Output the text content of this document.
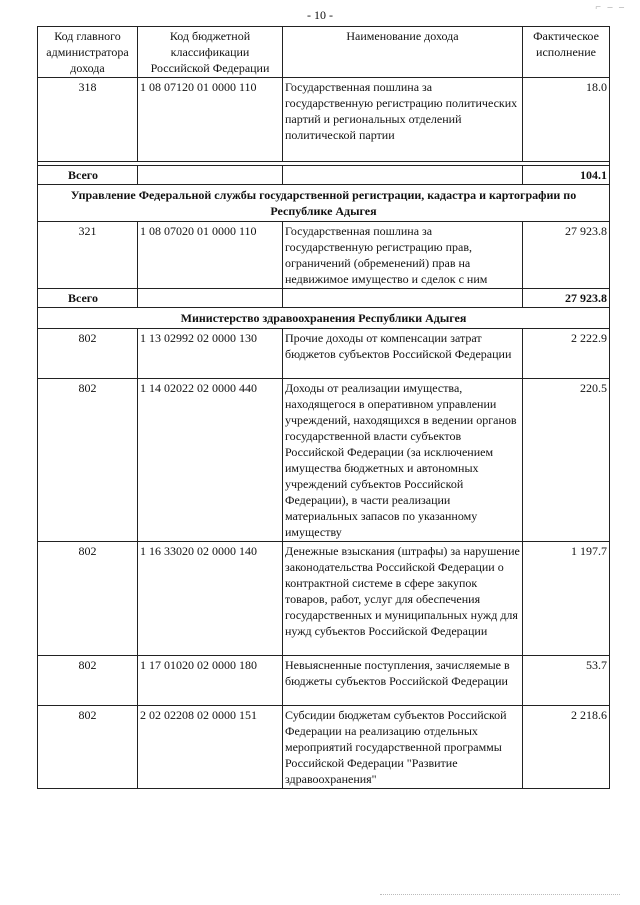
⌐ ‒ ‒
- 10 -
Код главного администратора дохода	Код бюджетной классификации Российской Федерации	Наименование дохода	Фактическое исполнение
318	1 08 07120 01 0000 110	Государственная пошлина за государственную регистрацию политических партий и региональных отделений политической партии	18.0

Всего			104.1
Управление Федеральной службы государственной регистрации, кадастра и картографии по Республике Адыгея			
321	1 08 07020 01 0000 110	Государственная пошлина за государственную регистрацию прав, ограничений (обременений) прав на недвижимое имущество и сделок с ним	27 923.8
Всего			27 923.8
Министерство здравоохранения Республики Адыгея			
802	1 13 02992 02 0000 130	Прочие доходы от компенсации затрат бюджетов субъектов Российской Федерации	2 222.9
802	1 14 02022 02 0000 440	Доходы от реализации имущества, находящегося в оперативном управлении учреждений, находящихся в ведении органов государственной власти субъектов Российской Федерации (за исключением имущества бюджетных и автономных учреждений субъектов Российской Федерации), в части реализации материальных запасов по указанному имуществу	220.5
802	1 16 33020 02 0000 140	Денежные взыскания (штрафы) за нарушение законодательства Российской Федерации о контрактной системе в сфере закупок товаров, работ, услуг для обеспечения государственных и муниципальных нужд для нужд субъектов Российской Федерации	1 197.7
802	1 17 01020 02 0000 180	Невыясненные поступления, зачисляемые в бюджеты субъектов Российской Федерации	53.7
802	2 02 02208 02 0000 151	Субсидии бюджетам субъектов Российской Федерации на реализацию отдельных мероприятий государственной программы Российской Федерации "Развитие здравоохранения"	2 218.6
